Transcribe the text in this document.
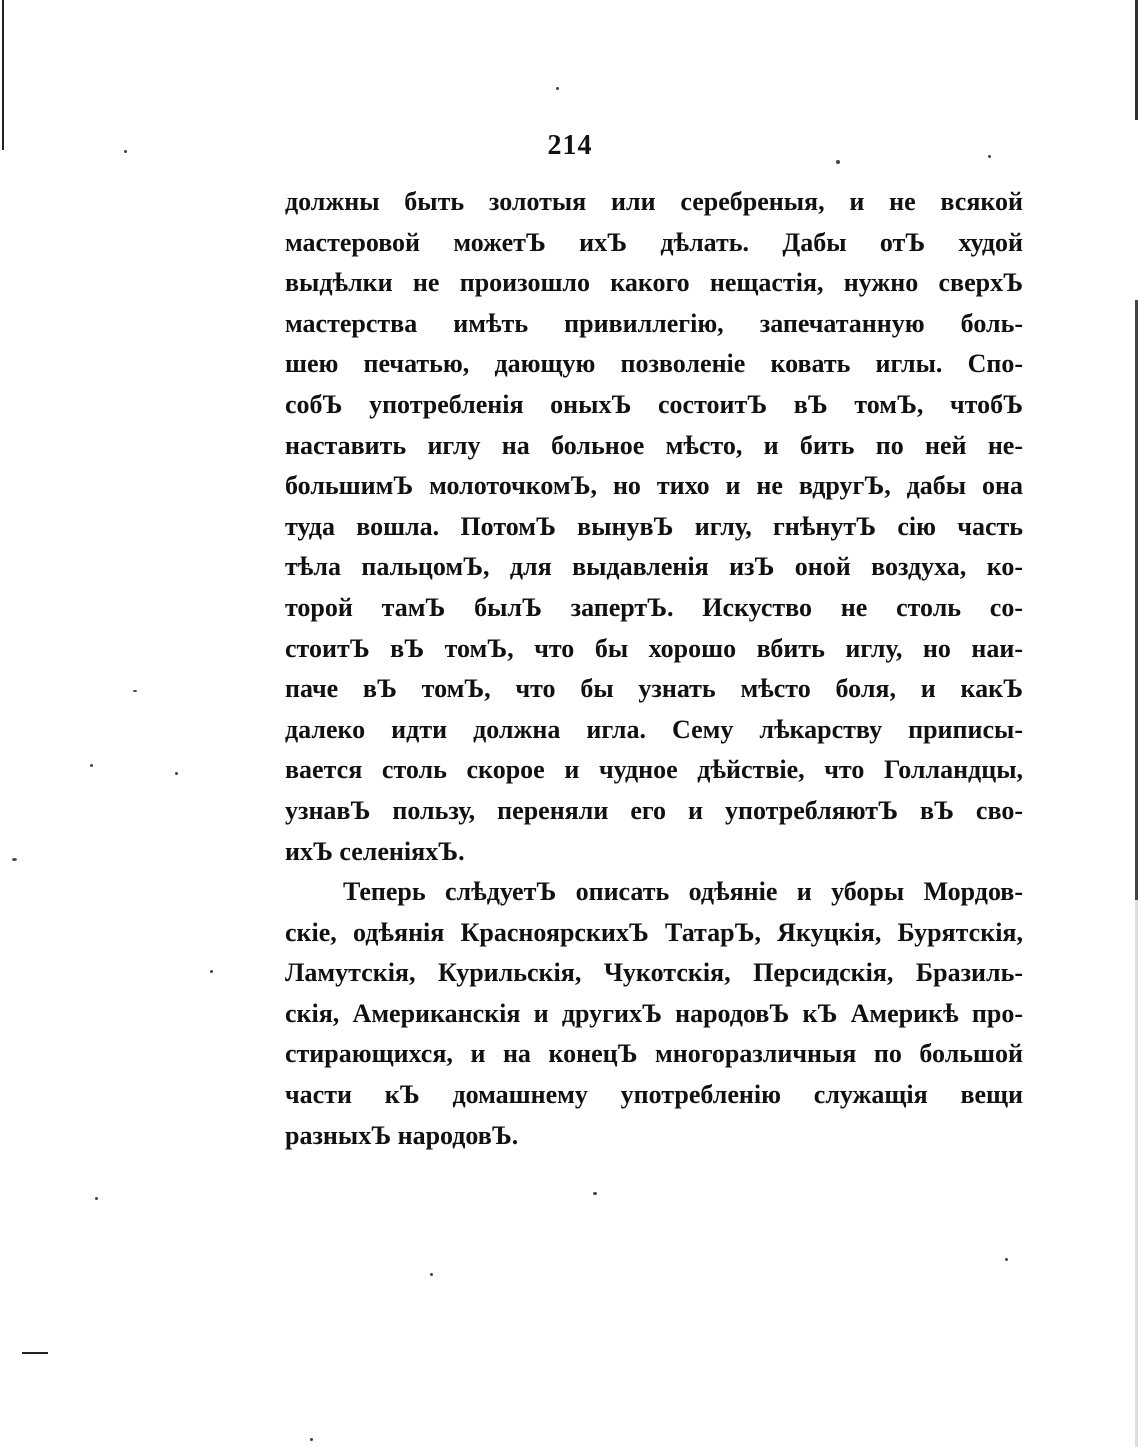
214
должны быть золотыя или серебреныя, и не всякой
мастеровой можетЪ ихЪ дѣлать. Дабы отЪ худой
выдѣлки не произошло какого нещастія, нужно сверхЪ
мастерства имѣть привиллегію, запечатанную боль-
шею печатью, дающую позволеніе ковать иглы. Спо-
собЪ употребленія оныхЪ состоитЪ вЪ томЪ, чтобЪ
наставить иглу на больное мѣсто, и бить по ней не-
большимЪ молоточкомЪ, но тихо и не вдругЪ, дабы она
туда вошла. ПотомЪ вынувЪ иглу, гнѣнутЪ сію часть
тѣла пальцомЪ, для выдавленія изЪ оной воздуха, ко-
торой тамЪ былЪ запертЪ. Искуство не столь со-
стоитЪ вЪ томЪ, что бы хорошо вбить иглу, но наи-
паче вЪ томЪ, что бы узнать мѣсто боля, и какЪ
далеко идти должна игла. Сему лѣкарству приписы-
вается столь скорое и чудное дѣйствіе, что Голландцы,
узнавЪ пользу, переняли его и употребляютЪ вЪ сво-
ихЪ селеніяхЪ.
Теперь слѣдуетЪ описать одѣяніе и уборы Мордов-
скіе, одѣянія КрасноярскихЪ ТатарЪ, Якуцкія, Бурятскія,
Ламутскія, Курильскія, Чукотскія, Персидскія, Бразиль-
скія, Американскія и другихЪ народовЪ кЪ Америкѣ про-
стирающихся, и на конецЪ многоразличныя по большой
части кЪ домашнему употребленію служащія вещи
разныхЪ народовЪ.
